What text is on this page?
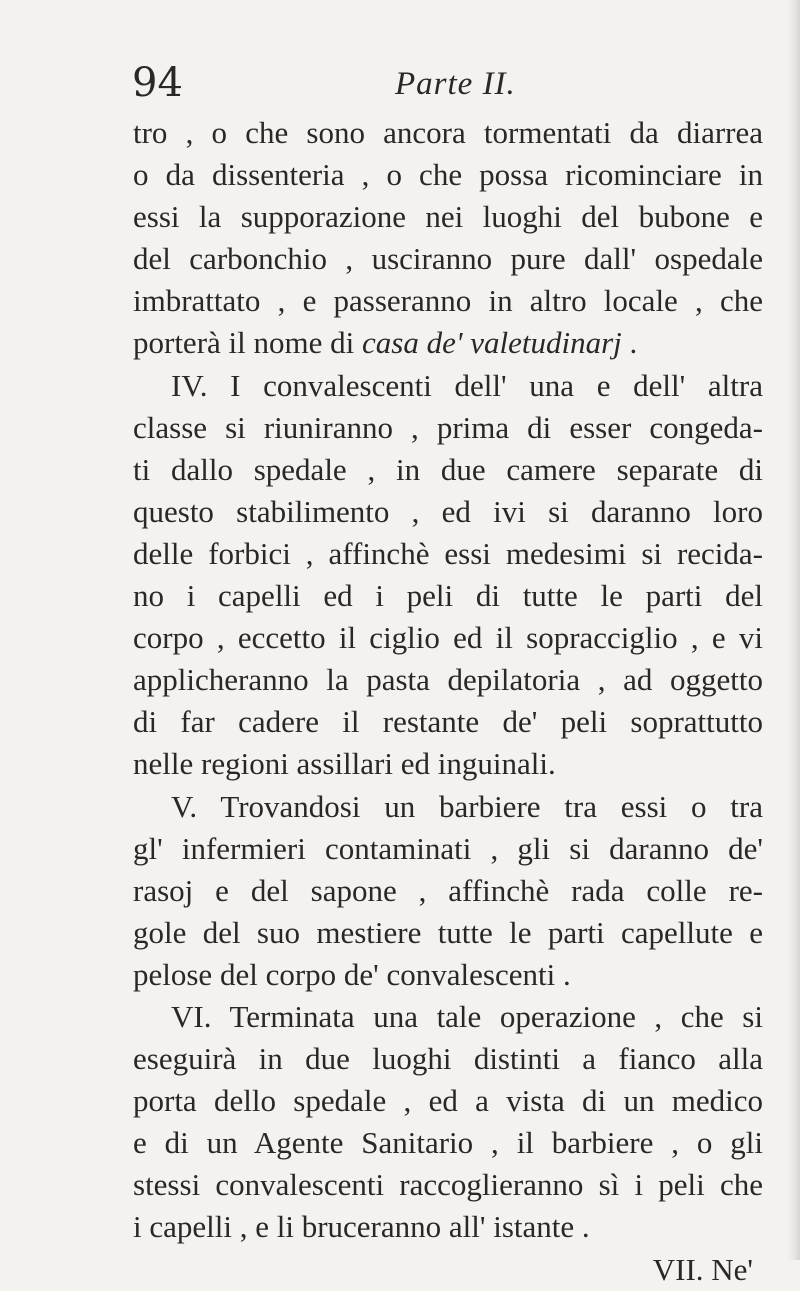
94	Parte II.
tro , o che sono ancora tormentati da diarrea
o da dissenteria , o che possa ricominciare in
essi la supporazione nei luoghi del bubone e
del carbonchio , usciranno pure dall' ospedale
imbrattato , e passeranno in altro locale , che
porterà il nome di casa de' valetudinarj .
IV. I convalescenti dell' una e dell' altra
classe si riuniranno , prima di esser congeda-
ti dallo spedale , in due camere separate di
questo stabilimento , ed ivi si daranno loro
delle forbici , affinchè essi medesimi si recida-
no i capelli ed i peli di tutte le parti del
corpo , eccetto il ciglio ed il sopracciglio , e vi
applicheranno la pasta depilatoria , ad oggetto
di far cadere il restante de' peli soprattutto
nelle regioni assillari ed inguinali.
V. Trovandosi un barbiere tra essi o tra
gl' infermieri contaminati , gli si daranno de'
rasoj e del sapone , affinchè rada colle re-
gole del suo mestiere tutte le parti capellute e
pelose del corpo de' convalescenti .
VI. Terminata una tale operazione , che si
eseguirà in due luoghi distinti a fianco alla
porta dello spedale , ed a vista di un medico
e di un Agente Sanitario , il barbiere , o gli
stessi convalescenti raccoglieranno sì i peli che
i capelli , e li bruceranno all' istante .
VII. Ne'
